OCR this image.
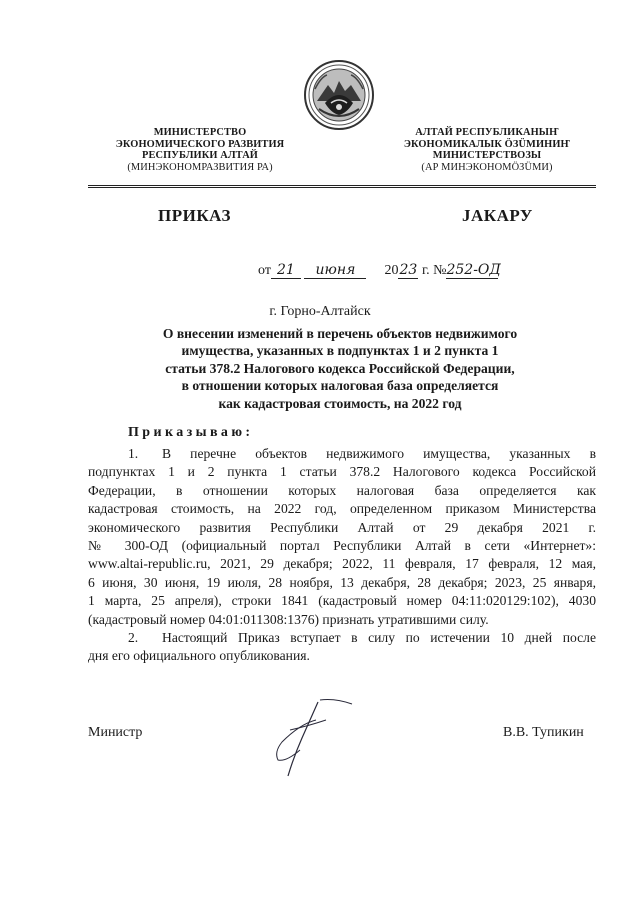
МИНИСТЕРСТВО
ЭКОНОМИЧЕСКОГО РАЗВИТИЯ
РЕСПУБЛИКИ АЛТАЙ
(МИНЭКОНОМРАЗВИТИЯ РА)
АЛТАЙ РЕСПУБЛИКАНЫҤ
ЭКОНОМИКАЛЫК ÖЗÜМИНИҤ
МИНИСТЕРСТВОЗЫ
(АР МИНЭКОНОМÖЗÜМИ)
ПРИКАЗ	JАКАРУ
от 21 июня 2023 г. №252-ОД
г. Горно-Алтайск
О внесении изменений в перечень объектов недвижимого
имущества, указанных в подпунктах 1 и 2 пункта 1
статьи 378.2 Налогового кодекса Российской Федерации,
в отношении которых налоговая база определяется
как кадастровая стоимость, на 2022 год
Приказываю:

1. В перечне объектов недвижимого имущества, указанных в
подпунктах 1 и 2 пункта 1 статьи 378.2 Налогового кодекса Российской
Федерации, в отношении которых налоговая база определяется как
кадастровая стоимость, на 2022 год, определенном приказом Министерства
экономического развития Республики Алтай от 29 декабря 2021 г.
№ 300-ОД (официальный портал Республики Алтай в сети «Интернет»:
www.altai-republic.ru, 2021, 29 декабря; 2022, 11 февраля, 17 февраля, 12 мая,
6 июня, 30 июня, 19 июля, 28 ноября, 13 декабря, 28 декабря; 2023, 25 января,
1 марта, 25 апреля), строки 1841 (кадастровый номер 04:11:020129:102), 4030
(кадастровый номер 04:01:011308:1376) признать утратившими силу.

2. Настоящий Приказ вступает в силу по истечении 10 дней после
дня его официального опубликования.

Министр	В.В. Тупикин
